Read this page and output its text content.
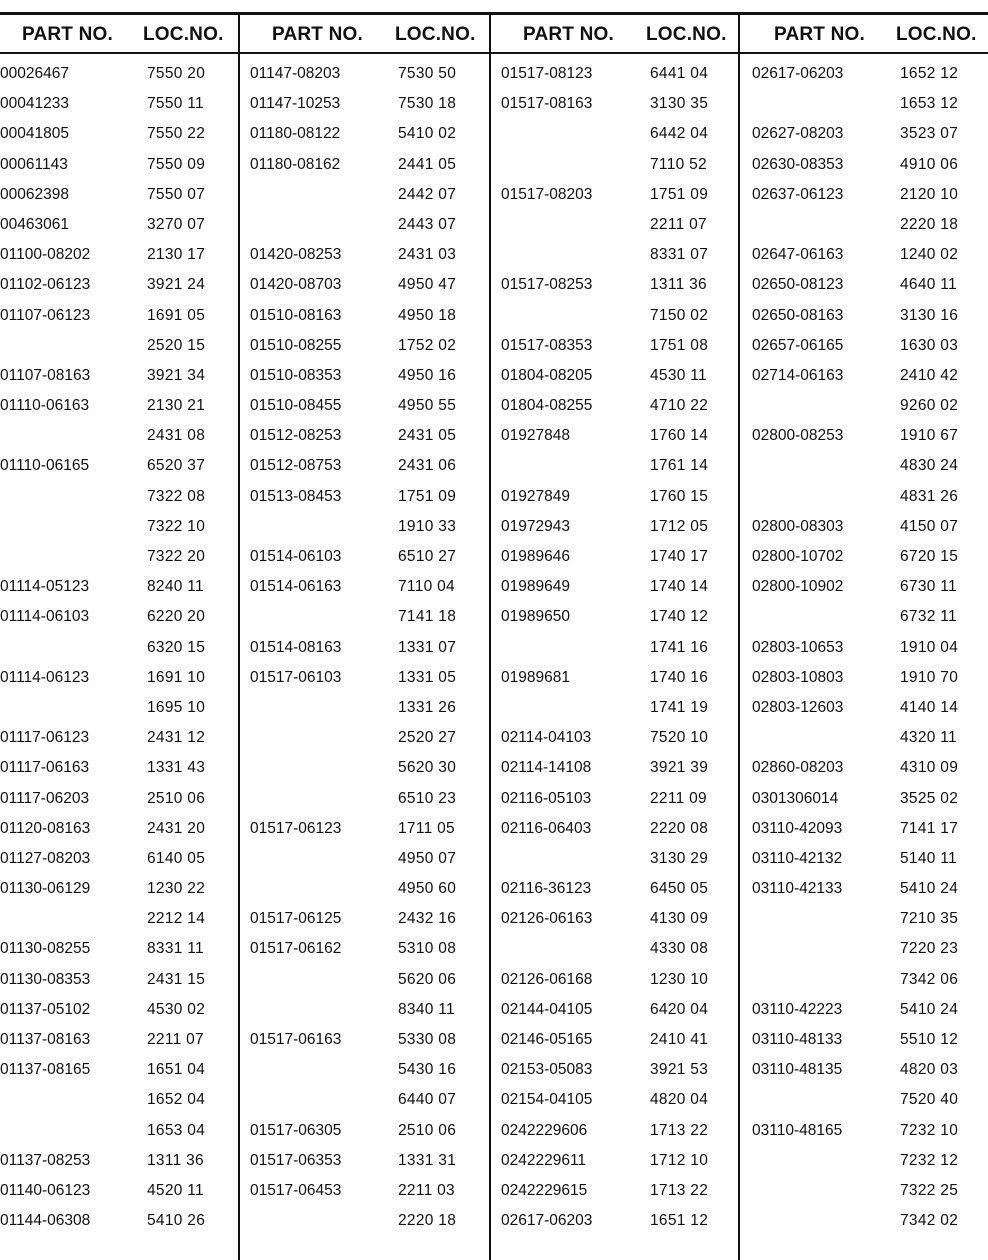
PART NO. LOC.NO.
00026467	7550 20
00041233	7550 11
00041805	7550 22
00061143	7550 09
00062398	7550 07
00463061	3270 07
01100-08202	2130 17
01102-06123	3921 24
01107-06123	1691 05
2520 15
01107-08163	3921 34
01110-06163	2130 21
2431 08
01110-06165	6520 37
7322 08
7322 10
7322 20
01114-05123	8240 11
01114-06103	6220 20
6320 15
01114-06123	1691 10
1695 10
01117-06123	2431 12
01117-06163	1331 43
01117-06203	2510 06
01120-08163	2431 20
01127-08203	6140 05
01130-06129	1230 22
2212 14
01130-08255	8331 11
01130-08353	2431 15
01137-05102	4530 02
01137-08163	2211 07
01137-08165	1651 04
1652 04
1653 04
01137-08253	1311 36
01140-06123	4520 11
01144-06308	5410 26
PART NO. LOC.NO.
01147-08203	7530 50
01147-10253	7530 18
01180-08122	5410 02
01180-08162	2441 05
2442 07
2443 07
01420-08253	2431 03
01420-08703	4950 47
01510-08163	4950 18
01510-08255	1752 02
01510-08353	4950 16
01510-08455	4950 55
01512-08253	2431 05
01512-08753	2431 06
01513-08453	1751 09
1910 33
01514-06103	6510 27
01514-06163	7110 04
7141 18
01514-08163	1331 07
01517-06103	1331 05
1331 26
2520 27
5620 30
6510 23
01517-06123	1711 05
4950 07
4950 60
01517-06125	2432 16
01517-06162	5310 08
5620 06
8340 11
01517-06163	5330 08
5430 16
6440 07
01517-06305	2510 06
01517-06353	1331 31
01517-06453	2211 03
2220 18
PART NO. LOC.NO.
01517-08123	6441 04
01517-08163	3130 35
6442 04
7110 52
01517-08203	1751 09
2211 07
8331 07
01517-08253	1311 36
7150 02
01517-08353	1751 08
01804-08205	4530 11
01804-08255	4710 22
01927848	1760 14
1761 14
01927849	1760 15
01972943	1712 05
01989646	1740 17
01989649	1740 14
01989650	1740 12
1741 16
01989681	1740 16
1741 19
02114-04103	7520 10
02114-14108	3921 39
02116-05103	2211 09
02116-06403	2220 08
3130 29
02116-36123	6450 05
02126-06163	4130 09
4330 08
02126-06168	1230 10
02144-04105	6420 04
02146-05165	2410 41
02153-05083	3921 53
02154-04105	4820 04
0242229606	1713 22
0242229611	1712 10
0242229615	1713 22
02617-06203	1651 12
PART NO. LOC.NO.
02617-06203	1652 12
1653 12
02627-08203	3523 07
02630-08353	4910 06
02637-06123	2120 10
2220 18
02647-06163	1240 02
02650-08123	4640 11
02650-08163	3130 16
02657-06165	1630 03
02714-06163	2410 42
9260 02
02800-08253	1910 67
4830 24
4831 26
02800-08303	4150 07
02800-10702	6720 15
02800-10902	6730 11
6732 11
02803-10653	1910 04
02803-10803	1910 70
02803-12603	4140 14
4320 11
02860-08203	4310 09
0301306014	3525 02
03110-42093	7141 17
03110-42132	5140 11
03110-42133	5410 24
7210 35
7220 23
7342 06
03110-42223	5410 24
03110-48133	5510 12
03110-48135	4820 03
7520 40
03110-48165	7232 10
7232 12
7322 25
7342 02
